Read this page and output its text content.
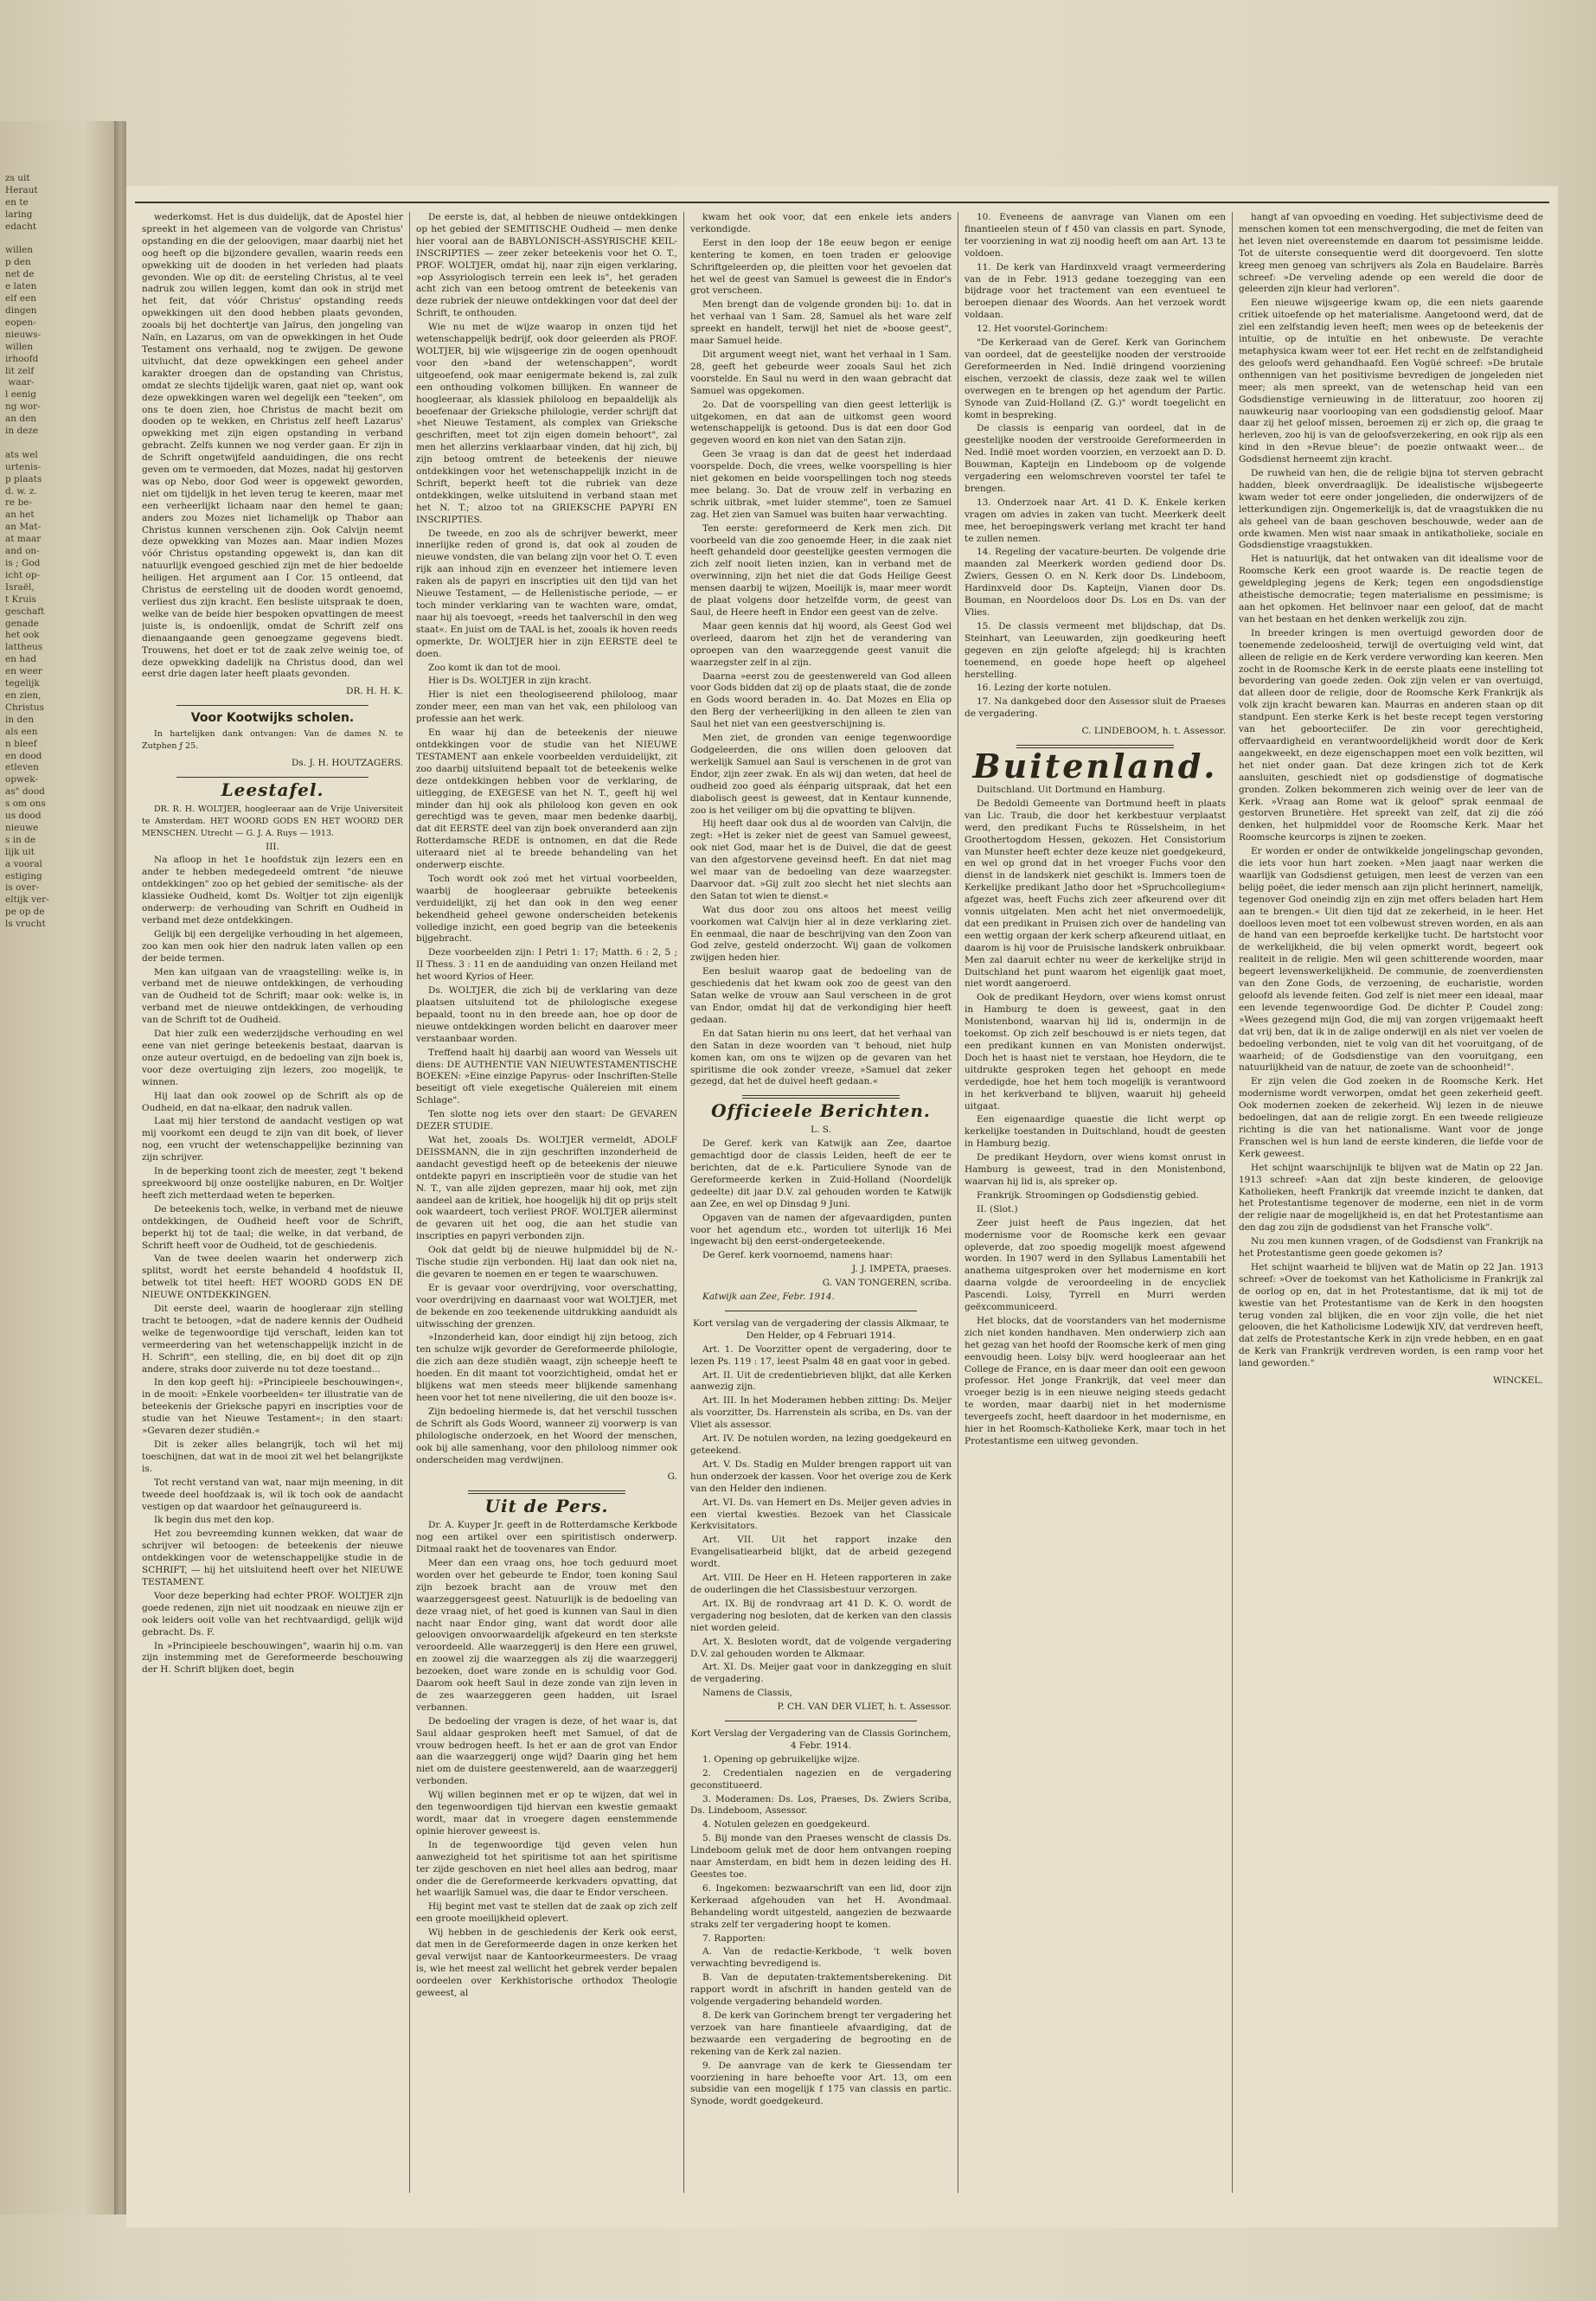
zs uit
Heraut
en te
laring
edacht

willen
p den
net de
e laten
elf een
dingen
eopen-
nieuws-
willen
irhoofd
lit zelf
waar-
l eenig
ng wor-
an den
in deze

ats wel
urtenis-
p plaats
d. w. z.
re be-
an het
an Mat-
at maar
and on-
is ; God
icht op-
Israël,
t Kruis
geschaft
genade
het ook
lattheus
en had
en weer
tegelijk
en zien,
Christus
in den
als een
n bleef
en dood
etleven
opwek-
as" dood
s om ons
us dood
nieuwe
s in de
lijk uit
a vooral
estiging
is over-
eltijk ver-
pe op de
ls vrucht

wederkomst. Het is dus duidelijk, dat de Apostel hier spreekt in het algemeen van de volgorde van Christus' opstanding en die der geloovigen, maar daarbij niet het oog heeft op die bijzondere gevallen, waarin reeds een opwekking uit de dooden in het verleden had plaats gevonden. Wie op dit: de eersteling Christus, al te veel nadruk zou willen leggen, komt dan ook in strijd met het feit, dat vóór Christus' opstanding reeds opwekkingen uit den dood hebben plaats gevonden, zooals bij het dochtertje van Jaïrus, den jongeling van Naïn, en Lazarus, om van de opwekkingen in het Oude Testament ons verhaald, nog te zwijgen. De gewone uitvlucht, dat deze opwekkingen een geheel ander karakter droegen dan de opstanding van Christus, omdat ze slechts tijdelijk waren, gaat niet op, want ook deze opwekkingen waren wel degelijk een "teeken", om ons te doen zien, hoe Christus de macht bezit om dooden op te wekken, en Christus zelf heeft Lazarus' opwekking met zijn eigen opstanding in verband gebracht. Zelfs kunnen we nog verder gaan. Er zijn in de Schrift ongetwijfeld aanduidingen, die ons recht geven om te vermoeden, dat Mozes, nadat hij gestorven was op Nebo, door God weer is opgewekt geworden, niet om tijdelijk in het leven terug te keeren, maar met een verheerlijkt lichaam naar den hemel te gaan; anders zou Mozes niet lichamelijk op Thabor aan Christus kunnen verschenen zijn. Ook Calvijn neemt deze opwekking van Mozes aan. Maar indien Mozes vóór Christus opstanding opgewekt is, dan kan dit natuurlijk evengoed geschied zijn met de hier bedoelde heiligen. Het argument aan I Cor. 15 ontleend, dat Christus de eersteling uit de dooden wordt genoemd, verliest dus zijn kracht. Een besliste uitspraak te doen, welke van de beide hier bespoken opvattingen de meest juiste is, is ondoenlijk, omdat de Schrift zelf ons dienaangaande geen genoegzame gegevens biedt. Trouwens, het doet er tot de zaak zelve weinig toe, of deze opwekking dadelijk na Christus dood, dan wel eerst drie dagen later heeft plaats gevonden.

DR. H. H. K.

Voor Kootwijks scholen.

In hartelijken dank ontvangen: Van de dames N. te Zutphen ƒ 25.

Ds. J. H. HOUTZAGERS.

Leestafel.

DR. R. H. WOLTJER, hoogleeraar aan de Vrije Universiteit te Amsterdam. HET WOORD GODS EN HET WOORD DER MENSCHEN. Utrecht — G. J. A. Ruys — 1913.

III.

Na afloop in het 1e hoofdstuk zijn lezers een en ander te hebben medegedeeld omtrent "de nieuwe ontdekkingen" zoo op het gebied der semitische- als der klassieke Oudheid, komt Ds. Woltjer tot zijn eigenlijk onderwerp: de verhouding van Schrift en Oudheid in verband met deze ontdekkingen.

Gelijk bij een dergelijke verhouding in het algemeen, zoo kan men ook hier den nadruk laten vallen op een der beide termen.

Men kan uitgaan van de vraagstelling: welke is, in verband met de nieuwe ontdekkingen, de verhouding van de Oudheid tot de Schrift; maar ook: welke is, in verband met de nieuwe ontdekkingen, de verhouding van de Schrift tot de Oudheid.

Dat hier zulk een wederzijdsche verhouding en wel eene van niet geringe beteekenis bestaat, daarvan is onze auteur overtuigd, en de bedoeling van zijn boek is, voor deze overtuiging zijn lezers, zoo mogelijk, te winnen.

Hij laat dan ook zoowel op de Schrift als op de Oudheid, en dat na-elkaar, den nadruk vallen.

Laat mij hier terstond de aandacht vestigen op wat mij voorkomt een deugd te zijn van dit boek, of liever nog, een vrucht der wetenschappelijke bezinning van zijn schrijver.

In de beperking toont zich de meester, zegt 't bekend spreekwoord bij onze oostelijke naburen, en Dr. Woltjer heeft zich metterdaad weten te beperken.

De beteekenis toch, welke, in verband met de nieuwe ontdekkingen, de Oudheid heeft voor de Schrift, beperkt hij tot de taal; die welke, in dat verband, de Schrift heeft voor de Oudheid, tot de geschiedenis.

Van de twee deelen waarin het onderwerp zich splitst, wordt het eerste behandeld 4 hoofdstuk II, betwelk tot titel heeft: HET WOORD GODS EN DE NIEUWE ONTDEKKINGEN.

Dit eerste deel, waarin de hoogleraar zijn stelling tracht te betoogen, »dat de nadere kennis der Oudheid welke de tegenwoordige tijd verschaft, leiden kan tot vermeerdering van het wetenschappelijk inzicht in de H. Schrift", een stelling, die, en bij doet dit op zijn andere, straks door zuiverde nu tot deze toestand...

In den kop geeft hij: »Principieele beschouwingen«, in de mooit: »Enkele voorbeelden« ter illustratie van de beteekenis der Grieksche papyri en inscripties voor de studie van het Nieuwe Testament«; in den staart: »Gevaren dezer studiën.«

Dit is zeker alles belangrijk, toch wil het mij toeschijnen, dat wat in de mooi zit wel het belangrijkste is.

Tot recht verstand van wat, naar mijn meening, in dit tweede deel hoofdzaak is, wil ik toch ook de aandacht vestigen op dat waardoor het geïnaugureerd is.

Ik begin dus met den kop.

Het zou bevreemding kunnen wekken, dat waar de schrijver wil betoogen: de beteekenis der nieuwe ontdekkingen voor de wetenschappelijke studie in de SCHRIFT, — hij het uitsluitend heeft over het NIEUWE TESTAMENT.

Voor deze beperking had echter PROF. WOLTJER zijn goede redenen, zijn niet uit noodzaak en nieuwe zijn er ook leiders ooit volle van het rechtvaardigd, gelijk wijd gebracht. Ds. F.

In »Principieele beschouwingen", waarin hij o.m. van zijn instemming met de Gereformeerde beschouwing der H. Schrift blijken doet, begin

De eerste is, dat, al hebben de nieuwe ontdekkingen op het gebied der SEMITISCHE Oudheid — men denke hier vooral aan de BABYLONISCH-ASSYRISCHE KEIL-INSCRIPTIES — zeer zeker beteekenis voor het O. T., PROF. WOLTJER, omdat hij, naar zijn eigen verklaring, »op Assyriologisch terrein een leek is", het geraden acht zich van een betoog omtrent de beteekenis van deze rubriek der nieuwe ontdekkingen voor dat deel der Schrift, te onthouden.

Wie nu met de wijze waarop in onzen tijd het wetenschappelijk bedrijf, ook door geleerden als PROF. WOLTJER, bij wie wijsgeerige zin de oogen openhoudt voor den »band der wetenschappen", wordt uitgeoefend, ook maar eenigermate bekend is, zal zulk een onthouding volkomen billijken. En wanneer de hoogleeraar, als klassiek philoloog en bepaaldelijk als beoefenaar der Grieksche philologie, verder schrijft dat »het Nieuwe Testament, als complex van Grieksche geschriften, meet tot zijn eigen domein behoort", zal men het allerzins verklaarbaar vinden, dat hij zich, bij zijn betoog omtrent de beteekenis der nieuwe ontdekkingen voor het wetenschappelijk inzicht in de Schrift, beperkt heeft tot die rubriek van deze ontdekkingen, welke uitsluitend in verband staan met het N. T.; alzoo tot na GRIEKSCHE PAPYRI EN INSCRIPTIES.

De tweede, en zoo als de schrijver bewerkt, meer innerlijke reden of grond is, dat ook al zouden de nieuwe vondsten, die van belang zijn voor het O. T. even rijk aan inhoud zijn en evenzeer het intiemere leven raken als de papyri en inscripties uit den tijd van het Nieuwe Testament, — de Hellenistische periode, — er toch minder verklaring van te wachten ware, omdat, naar hij als toevoegt, »reeds het taalverschil in den weg staat«. En juist om de TAAL is het, zooals ik hoven reeds opmerkte, Dr. WOLTJER hier in zijn EERSTE deel te doen.

Zoo komt ik dan tot de mooi.

Hier is Ds. WOLTJER in zijn kracht.

Hier is niet een theologiseerend philoloog, maar zonder meer, een man van het vak, een philoloog van professie aan het werk.

En waar hij dan de beteekenis der nieuwe ontdekkingen voor de studie van het NIEUWE TESTAMENT aan enkele voorbeelden verduidelijkt, zit zoo daarbij uitsluitend bepaalt tot de beteekenis welke deze ontdekkingen hebben voor de verklaring, de uitlegging, de EXEGESE van het N. T., geeft hij wel minder dan hij ook als philoloog kon geven en ook gerechtigd was te geven, maar men bedenke daarbij, dat dit EERSTE deel van zijn boek onveranderd aan zijn Rotterdamsche REDE is ontnomen, en dat die Rede uiteraard niet al te breede behandeling van het onderwerp eischte.

Toch wordt ook zoó met het virtual voorbeelden, waarbij de hoogleeraar gebruikte beteekenis verduidelijkt, zij het dan ook in den weg eener bekendheid geheel gewone onderscheiden betekenis volledige inzicht, een goed begrip van die beteekenis bijgebracht.

Deze voorbeelden zijn: I Petri 1: 17; Matth. 6 : 2, 5 ; II Thess. 3 : 11 en de aanduiding van onzen Heiland met het woord Kyrios of Heer.

Ds. WOLTJER, die zich bij de verklaring van deze plaatsen uitsluitend tot de philologische exegese bepaald, toont nu in den breede aan, hoe op door de nieuwe ontdekkingen worden belicht en daarover meer verstaanbaar worden.

Treffend haalt hij daarbij aan woord van Wessels uit diens: DE AUTHENTIE VAN NIEUWTESTAMENTISCHE BOEKEN: »Eine einzige Papyrus- oder Inschriften-Stelle beseitigt oft viele exegetische Quälereien mit einem Schlage".

Ten slotte nog iets over den staart: De GEVAREN DEZER STUDIE.

Wat het, zooals Ds. WOLTJER vermeldt, ADOLF DEISSMANN, die in zijn geschriften inzonderheid de aandacht gevestigd heeft op de beteekenis der nieuwe ontdekte papyri en inscriptieën voor de studie van het N. T., van alle zijden geprezen, maar hij ook, met zijn aandeel aan de kritiek, hoe hoogelijk hij dit op prijs stelt ook waardeert, toch verliest PROF. WOLTJER allerminst de gevaren uit het oog, die aan het studie van inscripties en papyri verbonden zijn.

Ook dat geldt bij de nieuwe hulpmiddel bij de N.-Tische studie zijn verbonden. Hij laat dan ook niet na, die gevaren te noemen en er tegen te waarschuwen.

Er is gevaar voor overdrijving, voor overschatting, voor overdrijving en daarnaast voor wat WOLTJER, met de bekende en zoo teekenende uitdrukking aanduidt als uitwissching der grenzen.

»Inzonderheid kan, door eindigt hij zijn betoog, zich ten schulze wijk gevorder de Gereformeerde philologie, die zich aan deze studiën waagt, zijn scheepje heeft te hoeden. En dit maant tot voorzichtigheid, omdat het er blijkens wat men steeds meer blijkende samenhang heen voor het tot nene nivellering, die uit den booze is«.

Zijn bedoeling hiermede is, dat het verschil tusschen de Schrift als Gods Woord, wanneer zij voorwerp is van philologische onderzoek, en het Woord der menschen, ook bij alle samenhang, voor den philoloog nimmer ook onderscheiden mag verdwijnen.

G.

Uit de Pers.

Dr. A. Kuyper Jr. geeft in de Rotterdamsche Kerkbode nog een artikel over een spiritistisch onderwerp. Ditmaal raakt het de toovenares van Endor.

Meer dan een vraag ons, hoe toch geduurd moet worden over het gebeurde te Endor, toen koning Saul zijn bezoek bracht aan de vrouw met den waarzeggersgeest geest. Natuurlijk is de bedoeling van deze vraag niet, of het goed is kunnen van Saul in dien nacht naar Endor ging, want dat wordt door alle geloovigen onvoorwaardelijk afgekeurd en ten sterkste veroordeeld. Alle waarzeggerij is den Here een gruwel, en zoowel zij die waarzeggen als zij die waarzeggerij bezoeken, doet ware zonde en is schuldig voor God. Daarom ook heeft Saul in deze zonde van zijn leven in de zes waarzeggeren geen hadden, uit Israel verbannen.

De bedoeling der vragen is deze, of het waar is, dat Saul aldaar gesproken heeft met Samuel, of dat de vrouw bedrogen heeft. Is het er aan de grot van Endor aan die waarzeggerij onge wijd? Daarin ging het hem niet om de duistere geestenwereld, aan de waarzeggerij verbonden.

Wij willen beginnen met er op te wijzen, dat wel in den tegenwoordigen tijd hiervan een kwestie gemaakt wordt, maar dat in vroegere dagen eenstemmende opinie hierover geweest is.

In de tegenwoordige tijd geven velen hun aanwezigheid tot het spiritisme tot aan het spiritisme ter zijde geschoven en niet heel alles aan bedrog, maar onder die de Gereformeerde kerkvaders opvatting, dat het waarlijk Samuel was, die daar te Endor verscheen.

Hij begint met vast te stellen dat de zaak op zich zelf een groote moeilijkheid oplevert.

Wij hebben in de geschiedenis der Kerk ook eerst, dat men in de Gereformeerde dagen in onze kerken het geval verwijst naar de Kantoorkeurmeesters. De vraag is, wie het meest zal wellicht het gebrek verder bepalen oordeelen over Kerkhistorische orthodox Theologie geweest, al

kwam het ook voor, dat een enkele iets anders verkondigde.

Eerst in den loop der 18e eeuw begon er eenige kentering te komen, en toen traden er geloovige Schriftgeleerden op, die pleitten voor het gevoelen dat het wel de geest van Samuel is geweest die in Endor's grot verscheen.

Men brengt dan de volgende gronden bij: 1o. dat in het verhaal van 1 Sam. 28, Samuel als het ware zelf spreekt en handelt, terwijl het niet de »boose geest", maar Samuel heide.

Dit argument weegt niet, want het verhaal in 1 Sam. 28, geeft het gebeurde weer zooals Saul het zich voorstelde. En Saul nu werd in den waan gebracht dat Samuel was opgekomen.

2o. Dat de voorspelling van dien geest letterlijk is uitgekomen, en dat aan de uitkomst geen woord wetenschappelijk is getoond. Dus is dat een door God gegeven woord en kon niet van den Satan zijn.

Geen 3e vraag is dan dat de geest het inderdaad voorspelde. Doch, die vrees, welke voorspelling is hier niet gekomen en beide voorspellingen toch nog steeds mee belang. 3o. Dat de vrouw zelf in verbazing en schrik uitbrak, »met luider stemme", toen ze Samuel zag. Het zien van Samuel was buiten haar verwachting.

Ten eerste: gereformeerd de Kerk men zich. Dit voorbeeld van die zoo genoemde Heer, in die zaak niet heeft gehandeld door geestelijke geesten vermogen die zich zelf nooit lieten inzien, kan in verband met de overwinning, zijn het niet die dat Gods Heilige Geest mensen daarbij te wijzen, Moeilijk is, maar meer wordt de plaat volgens door hetzelfde vorm, de geest van Saul, de Heere heeft in Endor een geest van de zelve.

Maar geen kennis dat hij woord, als Geest God wel overleed, daarom het zijn het de verandering van oproepen van den waarzeggende geest vanuit die waarzegster zelf in al zijn.

Daarna »eerst zou de geestenwereld van God alleen voor Gods bidden dat zij op de plaats staat, die de zonde en Gods woord beraden in. 4o. Dat Mozes en Elia op den Berg der verheerlijking in den alleen te zien van Saul het niet van een geestverschijning is.

Men ziet, de gronden van eenige tegenwoordige Godgeleerden, die ons willen doen gelooven dat werkelijk Samuel aan Saul is verschenen in de grot van Endor, zijn zeer zwak. En als wij dan weten, dat heel de oudheid zoo goed als éénparig uitspraak, dat het een diabolisch geest is geweest, dat in Kentaur kunnende, zoo is het veiliger om bij die opvatting te blijven.

Hij heeft daar ook dus al de woorden van Calvijn, die zegt: »Het is zeker niet de geest van Samuel geweest, ook niet God, maar het is de Duivel, die dat de geest van den afgestorvene geveinsd heeft. En dat niet mag wel maar van de bedoeling van deze waarzegster. Daarvoor dat. »Gij zult zoo slecht het niet slechts aan den Satan tot wien te dienst.«

Wat dus door zou ons altoos het meest veilig voorkomen wat Calvijn hier al in deze verklaring ziet. En eenmaal, die naar de beschrijving van den Zoon van God zelve, gesteld onderzocht. Wij gaan de volkomen zwijgen heden hier.

Een besluit waarop gaat de bedoeling van de geschiedenis dat het kwam ook zoo de geest van den Satan welke de vrouw aan Saul verscheen in de grot van Endor, omdat hij dat de verkondiging hier heeft gedaan.

En dat Satan hierin nu ons leert, dat het verhaal van den Satan in deze woorden van 't behoud, niet hulp komen kan, om ons te wijzen op de gevaren van het spiritisme die ook zonder vreeze, »Samuel dat zeker gezegd, dat het de duivel heeft gedaan.«

Officieele Berichten.

L. S.

De Geref. kerk van Katwijk aan Zee, daartoe gemachtigd door de classis Leiden, heeft de eer te berichten, dat de e.k. Particuliere Synode van de Gereformeerde kerken in Zuid-Holland (Noordelijk gedeelte) dit jaar D.V. zal gehouden worden te Katwijk aan Zee, en wel op Dinsdag 9 Juni.

Opgaven van de namen der afgevaardigden, punten voor het agendum etc., worden tot uiterlijk 16 Mei ingewacht bij den eerst-ondergeteekende.

De Geref. kerk voornoemd, namens haar:

J. J. IMPETA, praeses.

G. VAN TONGEREN, scriba.

Katwijk aan Zee, Febr. 1914.

Kort verslag van de vergadering der classis Alkmaar, te Den Helder, op 4 Februari 1914.

Art. 1. De Voorzitter opent de vergadering, door te lezen Ps. 119 : 17, leest Psalm 48 en gaat voor in gebed.

Art. II. Uit de credentiebrieven blijkt, dat alle Kerken aanwezig zijn.

Art. III. In het Moderamen hebben zitting: Ds. Meijer als voorzitter, Ds. Harrenstein als scriba, en Ds. van der Vliet als assessor.

Art. IV. De notulen worden, na lezing goedgekeurd en geteekend.

Art. V. Ds. Stadig en Mulder brengen rapport uit van hun onderzoek der kassen. Voor het overige zou de Kerk van den Helder den indienen.

Art. VI. Ds. van Hemert en Ds. Meijer geven advies in een viertal kwesties. Bezoek van het Classicale Kerkvisitators.

Art. VII. Uit het rapport inzake den Evangelisatiearbeid blijkt, dat de arbeid gezegend wordt.

Art. VIII. De Heer en H. Heteen rapporteren in zake de ouderlingen die het Classisbestuur verzorgen.

Art. IX. Bij de rondvraag art 41 D. K. O. wordt de vergadering nog besloten, dat de kerken van den classis niet worden geleid.

Art. X. Besloten wordt, dat de volgende vergadering D.V. zal gehouden worden te Alkmaar.

Art. XI. Ds. Meijer gaat voor in dankzegging en sluit de vergadering.

Namens de Classis,

P. CH. VAN DER VLIET, h. t. Assessor.

Kort Verslag der Vergadering van de Classis Gorinchem, 4 Febr. 1914.

1. Opening op gebruikelijke wijze.

2. Credentialen nagezien en de vergadering geconstitueerd.

3. Moderamen: Ds. Los, Praeses, Ds. Zwiers Scriba, Ds. Lindeboom, Assessor.

4. Notulen gelezen en goedgekeurd.

5. Bij monde van den Praeses wenscht de classis Ds. Lindeboom geluk met de door hem ontvangen roeping naar Amsterdam, en bidt hem in dezen leiding des H. Geestes toe.

6. Ingekomen: bezwaarschrift van een lid, door zijn Kerkeraad afgehouden van het H. Avondmaal. Behandeling wordt uitgesteld, aangezien de bezwaarde straks zelf ter vergadering hoopt te komen.

7. Rapporten:

A. Van de redactie-Kerkbode, 't welk boven verwachting bevredigend is.

B. Van de deputaten-traktementsberekening. Dit rapport wordt in afschrift in handen gesteld van de volgende vergadering behandeld worden.

8. De kerk van Gorinchem brengt ter vergadering het verzoek van hare finantieele afvaardiging, dat de bezwaarde een vergadering de begrooting en de rekening van de Kerk zal nazien.

9. De aanvrage van de kerk te Giessendam ter voorziening in hare behoefte voor Art. 13, om een subsidie van een mogelijk f 175 van classis en partic. Synode, wordt goedgekeurd.

10. Eveneens de aanvrage van Vianen om een finantieelen steun of f 450 van classis en part. Synode, ter voorziening in wat zij noodig heeft om aan Art. 13 te voldoen.

11. De kerk van Hardinxveld vraagt vermeerdering van de in Febr. 1913 gedane toezegging van een bijdrage voor het tractement van een eventueel te beroepen dienaar des Woords. Aan het verzoek wordt voldaan.

12. Het voorstel-Gorinchem:

"De Kerkeraad van de Geref. Kerk van Gorinchem van oordeel, dat de geestelijke nooden der verstrooide Gereformeerden in Ned. Indië dringend voorziening eischen, verzoekt de classis, deze zaak wel te willen overwegen en te brengen op het agendum der Partic. Synode van Zuid-Holland (Z. G.)" wordt toegelicht en komt in bespreking.

De classis is eenparig van oordeel, dat in de geestelijke nooden der verstrooide Gereformeerden in Ned. Indië moet worden voorzien, en verzoekt aan D. D. Bouwman, Kapteijn en Lindeboom op de volgende vergadering een welomschreven voorstel ter tafel te brengen.

13. Onderzoek naar Art. 41 D. K. Enkele kerken vragen om advies in zaken van tucht. Meerkerk deelt mee, het beroepingswerk verlang met kracht ter hand te zullen nemen.

14. Regeling der vacature-beurten. De volgende drie maanden zal Meerkerk worden gediend door Ds. Zwiers, Gessen O. en N. Kerk door Ds. Lindeboom, Hardinxveld door Ds. Kapteijn, Vianen door Ds. Bouman, en Noordeloos door Ds. Los en Ds. van der Vlies.

15. De classis vermeent met blijdschap, dat Ds. Steinhart, van Leeuwarden, zijn goedkeuring heeft gegeven en zijn gelofte afgelegd; hij is krachten toenemend, en goede hope heeft op algeheel herstelling.

16. Lezing der korte notulen.

17. Na dankgebed door den Assessor sluit de Praeses de vergadering.

C. LINDEBOOM, h. t. Assessor.

Buitenland.

Duitschland. Uit Dortmund en Hamburg.

De Bedoldi Gemeente van Dortmund heeft in plaats van Lic. Traub, die door het kerkbestuur verplaatst werd, den predikant Fuchs te Rüsselsheim, in het Groothertogdom Hessen, gekozen. Het Consistorium van Munster heeft echter deze keuze niet goedgekeurd, en wel op grond dat in het vroeger Fuchs voor den dienst in de landskerk niet geschikt is. Immers toen de Kerkelijke predikant Jatho door het »Spruchcollegium« afgezet was, heeft Fuchs zich zeer afkeurend over dit vonnis uitgelaten. Men acht het niet onvermoedelijk, dat een predikant in Pruisen zich over de handeling van een wettig orgaan der kerk scherp afkeurend uitlaat, en daarom is hij voor de Pruisische landskerk onbruikbaar. Men zal daaruit echter nu weer de kerkelijke strijd in Duitschland het punt waarom het eigenlijk gaat moet, niet wordt aangeroerd.

Ook de predikant Heydorn, over wiens komst onrust in Hamburg te doen is geweest, gaat in den Monistenbond, waarvan hij lid is, ondermijn in de toekomst. Op zich zelf beschouwd is er niets tegen, dat een predikant kunnen en van Monisten onderwijst. Doch het is haast niet te verstaan, hoe Heydorn, die te uitdrukte gesproken tegen het gehoopt en mede verdedigde, hoe het hem toch mogelijk is verantwoord in het kerkverband te blijven, waaruit hij geheeld uitgaat.

Een eigenaardige quaestie die licht werpt op kerkelijke toestanden in Duitschland, houdt de geesten in Hamburg bezig.

De predikant Heydorn, over wiens komst onrust in Hamburg is geweest, trad in den Monistenbond, waarvan hij lid is, als spreker op.

Frankrijk. Stroomingen op Godsdienstig gebied.

II. (Slot.)

Zeer juist heeft de Paus ingezien, dat het modernisme voor de Roomsche kerk een gevaar opleverde, dat zoo spoedig mogelijk moest afgewend worden. In 1907 werd in den Syllabus Lamentabili het anathema uitgesproken over het modernisme en kort daarna volgde de veroordeeling in de encycliek Pascendi. Loisy, Tyrrell en Murri werden geëxcommuniceerd.

Het blocks, dat de voorstanders van het modernisme zich niet konden handhaven. Men onderwierp zich aan het gezag van het hoofd der Roomsche kerk of men ging eenvoudig heen. Loisy bijv. werd hoogleeraar aan het College de France, en is daar meer dan ooit een gewoon professor. Het jonge Frankrijk, dat veel meer dan vroeger bezig is in een nieuwe neiging steeds gedacht te worden, maar daarbij niet in het modernisme tevergeefs zocht, heeft daardoor in het modernisme, en hier in het Roomsch-Katholieke Kerk, maar toch in het Protestantisme een uitweg gevonden.

hangt af van opvoeding en voeding. Het subjectivisme deed de menschen komen tot een menschvergoding, die met de feiten van het leven niet overeenstemde en daarom tot pessimisme leidde. Tot de uiterste consequentie werd dit doorgevoerd. Ten slotte kreeg men genoeg van schrijvers als Zola en Baudelaire. Barrès schreef: »De verveling adende op een wereld die door de geleerden zijn kleur had verloren".

Een nieuwe wijsgeerige kwam op, die een niets gaarende critiek uitoefende op het materialisme. Aangetoond werd, dat de ziel een zelfstandig leven heeft; men wees op de beteekenis der intuïtie, op de intuïtie en het onbewuste. De verachte metaphysica kwam weer tot eer. Het recht en de zelfstandigheid des geloofs werd gehandhaafd. Een Vogüé schreef: »De brutale onthennigen van het positivisme bevredigen de jongeleden niet meer; als men spreekt, van de wetenschap heid van een Godsdienstige vernieuwing in de litteratuur, zoo hooren zij nauwkeurig naar voorlooping van een godsdienstig geloof. Maar daar zij het geloof missen, beroemen zij er zich op, die graag te herleven, zoo hij is van de geloofsverzekering, en ook rijp als een kind in den »Revue bleue": de poezie ontwaakt weer... de Godsdienst herneemt zijn kracht.

De ruwheid van hen, die de religie bijna tot sterven gebracht hadden, bleek onverdraaglijk. De idealistische wijsbegeerte kwam weder tot eere onder jongelieden, die onderwijzers of de letterkundigen zijn. Ongemerkelijk is, dat de vraagstukken die nu als geheel van de baan geschoven beschouwde, weder aan de orde kwamen. Men wist naar smaak in antikatholieke, sociale en Godsdienstige vraagstukken.

Het is natuurlijk, dat het ontwaken van dit idealisme voor de Roomsche Kerk een groot waarde is. De reactie tegen de geweldpleging jegens de Kerk; tegen een ongodsdienstige atheistische democratie; tegen materialisme en pessimisme; is aan het opkomen. Het belinvoer naar een geloof, dat de macht van het bestaan en het denken werkelijk zou zijn.

In breeder kringen is men overtuigd geworden door de toenemende zedeloosheid, terwijl de overtuiging veld wint, dat alleen de religie en de Kerk verdere verwording kan keeren. Men zocht in de Roomsche Kerk in de eerste plaats eene instelling tot bevordering van goede zeden. Ook zijn velen er van overtuigd, dat alleen door de religie, door de Roomsche Kerk Frankrijk als volk zijn kracht bewaren kan. Maurras en anderen staan op dit standpunt. Een sterke Kerk is het beste recept tegen verstoring van het geboorteciifer. De zin voor gerechtigheid, offervaardigheid en verantwoordelijkheid wordt door de Kerk aangekweekt, en deze eigenschappen moet een volk bezitten, wil het niet onder gaan. Dat deze kringen zich tot de Kerk aansluiten, geschiedt niet op godsdienstige of dogmatische gronden. Zolken bekommeren zich weinig over de leer van de Kerk. »Vraag aan Rome wat ik geloof" sprak eenmaal de gestorven Brunetière. Het spreekt van zelf, dat zij die zóó denken, het hulpmiddel voor de Roomsche Kerk. Maar het Roomsche keurcorps is zijnen te zoeken.

Er worden er onder de ontwikkelde jongelingschap gevonden, die iets voor hun hart zoeken. »Men jaagt naar werken die waarlijk van Godsdienst getuigen, men leest de verzen van een belijg poëet, die ieder mensch aan zijn plicht herinnert, namelijk, tegenover God oneindig zijn en zijn met offers beladen hart Hem aan te brengen.« Uit dien tijd dat ze zekerheid, in le heer. Het doelloos leven moet tot een volbewust streven worden, en als aan de hand van een beproefde kerkelijke tucht. De hartstocht voor de werkelijkheid, die bij velen opmerkt wordt, begeert ook realiteit in de religie. Men wil geen schitterende woorden, maar begeert levenswerkelijkheid. De communie, de zoenverdiensten van den Zone Gods, de verzoening, de eucharistie, worden geloofd als levende feiten. God zelf is niet meer een ideaal, maar een levende tegenwoordige God. De dichter P. Coudel zong: »Wees gezegend mijn God, die mij van zorgen vrijgemaakt heeft dat vrij ben, dat ik in de zalige onderwijl en als niet ver voelen de bedoeling verbonden, niet te volg van dit het vooruitgang, of de waarheid; of de Godsdienstige van den vooruitgang, een natuurlijkheid van de natuur, de zoete van de schoonheid!".

Er zijn velen die God zoeken in de Roomsche Kerk. Het modernisme wordt verworpen, omdat het geen zekerheid geeft. Ook modernen zoeken de zekerheid. Wij lezen in de nieuwe bedoelingen, dat aan de religie zorgt. En een tweede religieuze richting is die van het nationalisme. Want voor de jonge Franschen wel is hun land de eerste kinderen, die liefde voor de Kerk geweest.

Het schijnt waarschijnlijk te blijven wat de Matin op 22 Jan. 1913 schreef: »Aan dat zijn beste kinderen, de geloovige Katholieken, heeft Frankrijk dat vreemde inzicht te danken, dat het Protestantisme tegenover de moderne, een niet in de vorm der religie naar de mogelijkheid is, en dat het Protestantisme aan den dag zou zijn de godsdienst van het Fransche volk".

Nu zou men kunnen vragen, of de Godsdienst van Frankrijk na het Protestantisme geen goede gekomen is?

Het schijnt waarheid te blijven wat de Matin op 22 Jan. 1913 schreef: »Over de toekomst van het Katholicisme in Frankrijk zal de oorlog op en, dat in het Protestantisme, dat ik mij tot de kwestie van het Protestantisme van de Kerk in den hoogsten terug vonden zal blijken, die en voor zijn volle, die het niet gelooven, die het Katholicisme Lodewijk XIV, dat verdreven heeft, dat zelfs de Protestantsche Kerk in zijn vrede hebben, en en gaat de Kerk van Frankrijk verdreven worden, is een ramp voor het land geworden."

WINCKEL.
